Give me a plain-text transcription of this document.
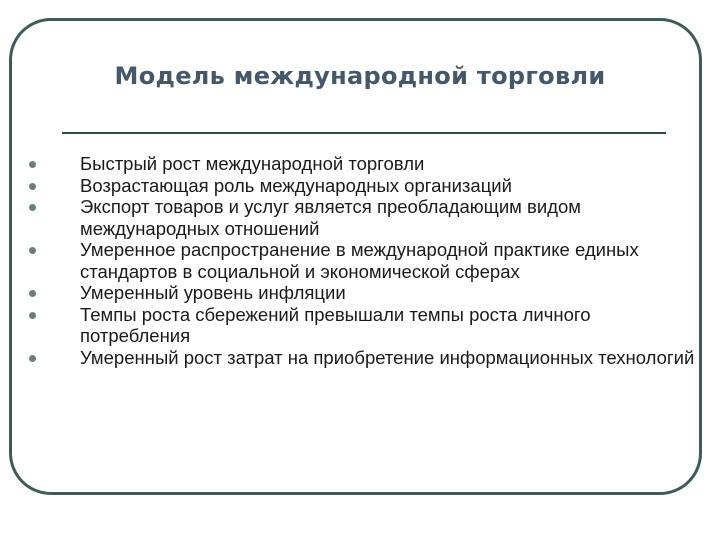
Модель международной торговли
Быстрый рост международной торговли
Возрастающая роль международных организаций
Экспорт товаров и услуг является преобладающим видом международных отношений
Умеренное распространение в международной практике единых стандартов в социальной и экономической сферах
Умеренный уровень инфляции
Темпы роста сбережений превышали темпы роста личного потребления
Умеренный рост затрат на приобретение информационных технологий
